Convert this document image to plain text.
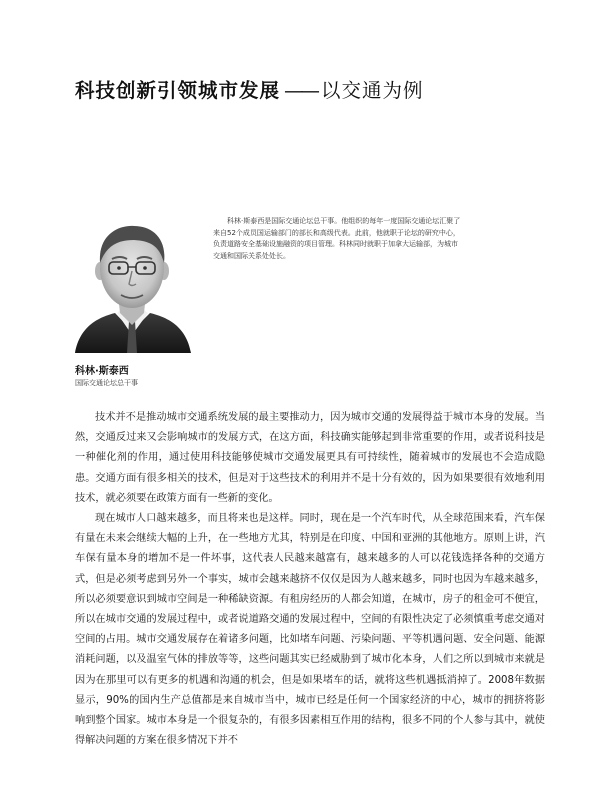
科技创新引领城市发展 —— 以交通为例
科林·斯泰西
国际交通论坛总干事
科林·斯泰西是国际交通论坛总干事。他组织的每年一度国际交通论坛汇聚了来自52个成员国运输部门的部长和高级代表。此前，他就职于论坛的研究中心，负责道路安全基础设施融资的项目管理。科林同时就职于加拿大运输部，为城市交通和国际关系处处长。

技术并不是推动城市交通系统发展的最主要推动力，因为城市交通的发展得益于城市本身的发展。当然，交通反过来又会影响城市的发展方式，在这方面，科技确实能够起到非常重要的作用，或者说科技是一种催化剂的作用，通过使用科技能够使城市交通发展更具有可持续性，随着城市的发展也不会造成隐患。交通方面有很多相关的技术，但是对于这些技术的利用并不是十分有效的，因为如果要很有效地利用技术，就必须要在政策方面有一些新的变化。

现在城市人口越来越多，而且将来也是这样。同时，现在是一个汽车时代，从全球范围来看，汽车保有量在未来会继续大幅的上升，在一些地方尤其，特别是在印度、中国和亚洲的其他地方。原则上讲，汽车保有量本身的增加不是一件坏事，这代表人民越来越富有，越来越多的人可以花钱选择各种的交通方式，但是必须考虑到另外一个事实，城市会越来越挤不仅仅是因为人越来越多，同时也因为车越来越多，所以必须要意识到城市空间是一种稀缺资源。有租房经历的人都会知道，在城市，房子的租金可不便宜，所以在城市交通的发展过程中，或者说道路交通的发展过程中，空间的有限性决定了必须慎重考虑交通对空间的占用。城市交通发展存在着诸多问题，比如堵车问题、污染问题、平等机遇问题、安全问题、能源消耗问题，以及温室气体的排放等等，这些问题其实已经威胁到了城市化本身，人们之所以到城市来就是因为在那里可以有更多的机遇和沟通的机会，但是如果堵车的话，就将这些机遇抵消掉了。2008年数据显示，90%的国内生产总值都是来自城市当中，城市已经是任何一个国家经济的中心，城市的拥挤将影响到整个国家。城市本身是一个很复杂的，有很多因素相互作用的结构，很多不同的个人参与其中，就使得解决问题的方案在很多情况下并不
